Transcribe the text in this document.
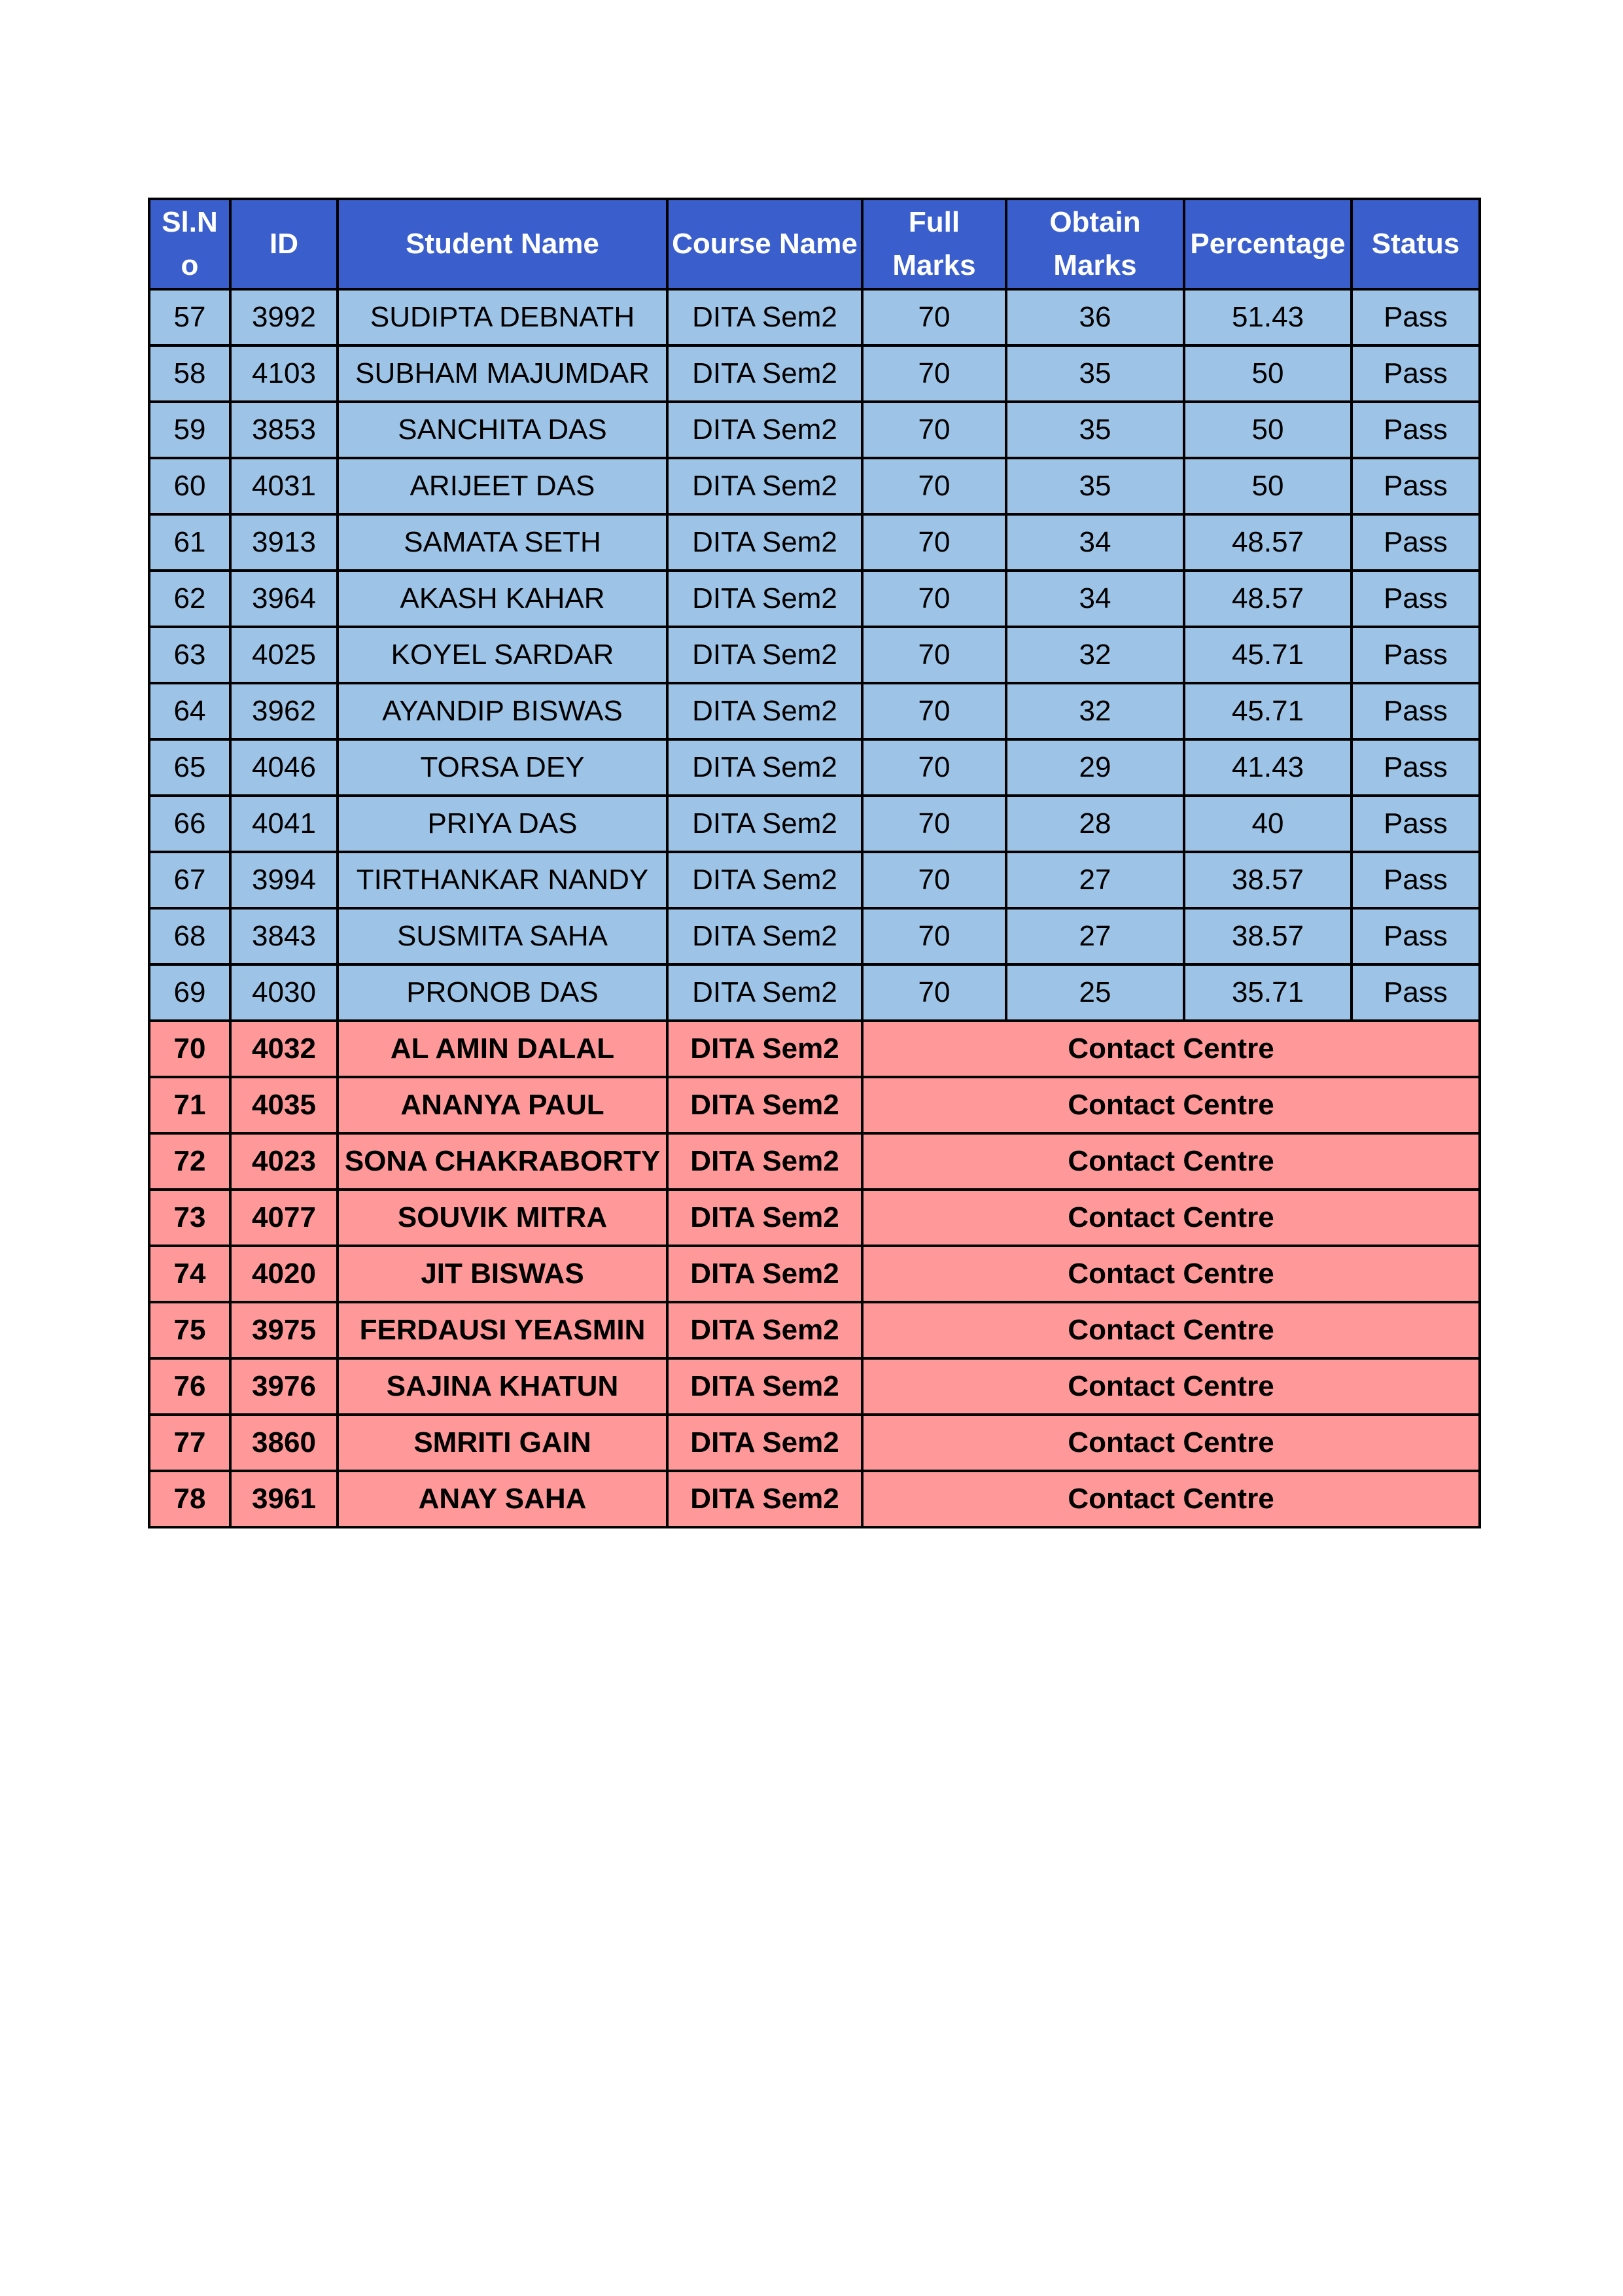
Sl.No	ID	Student Name	Course Name	Full Marks	Obtain Marks	Percentage	Status
57	3992	SUDIPTA DEBNATH	DITA Sem2	70	36	51.43	Pass
58	4103	SUBHAM MAJUMDAR	DITA Sem2	70	35	50	Pass
59	3853	SANCHITA DAS	DITA Sem2	70	35	50	Pass
60	4031	ARIJEET DAS	DITA Sem2	70	35	50	Pass
61	3913	SAMATA SETH	DITA Sem2	70	34	48.57	Pass
62	3964	AKASH KAHAR	DITA Sem2	70	34	48.57	Pass
63	4025	KOYEL SARDAR	DITA Sem2	70	32	45.71	Pass
64	3962	AYANDIP BISWAS	DITA Sem2	70	32	45.71	Pass
65	4046	TORSA DEY	DITA Sem2	70	29	41.43	Pass
66	4041	PRIYA DAS	DITA Sem2	70	28	40	Pass
67	3994	TIRTHANKAR NANDY	DITA Sem2	70	27	38.57	Pass
68	3843	SUSMITA SAHA	DITA Sem2	70	27	38.57	Pass
69	4030	PRONOB DAS	DITA Sem2	70	25	35.71	Pass
70	4032	AL AMIN DALAL	DITA Sem2	Contact Centre			
71	4035	ANANYA PAUL	DITA Sem2	Contact Centre			
72	4023	SONA CHAKRABORTY	DITA Sem2	Contact Centre			
73	4077	SOUVIK MITRA	DITA Sem2	Contact Centre			
74	4020	JIT BISWAS	DITA Sem2	Contact Centre			
75	3975	FERDAUSI YEASMIN	DITA Sem2	Contact Centre			
76	3976	SAJINA KHATUN	DITA Sem2	Contact Centre			
77	3860	SMRITI GAIN	DITA Sem2	Contact Centre			
78	3961	ANAY SAHA	DITA Sem2	Contact Centre			
